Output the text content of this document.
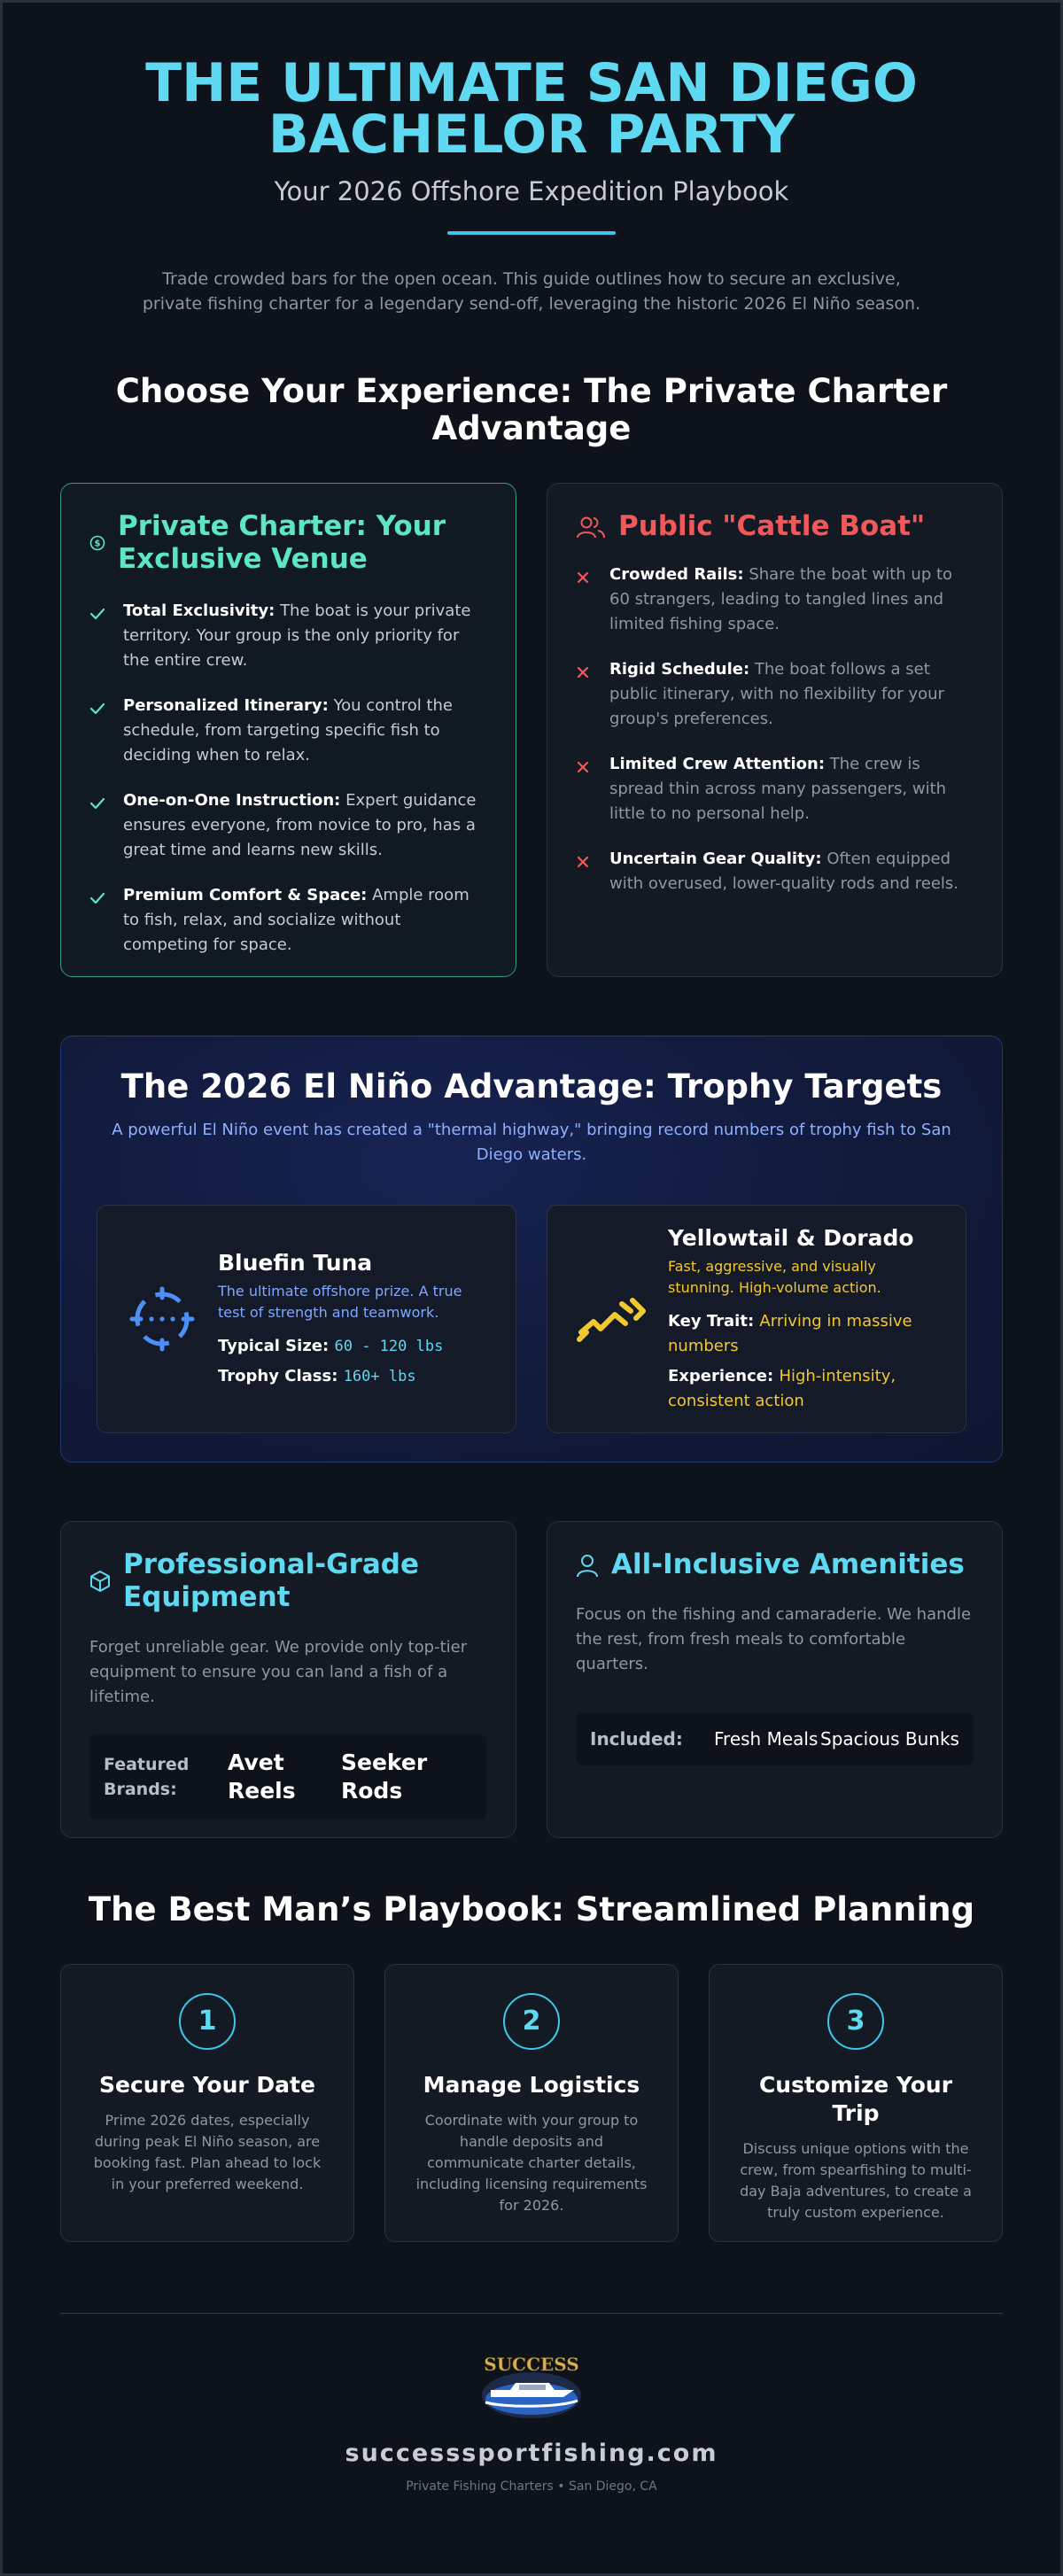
THE ULTIMATE SAN DIEGO
BACHELOR PARTY
Your 2026 Offshore Expedition Playbook

Trade crowded bars for the open ocean. This guide outlines how to secure an exclusive, private fishing charter for a legendary send-off, leveraging the historic 2026 El Niño season.

Choose Your Experience: The Private Charter Advantage
$
Private Charter: Your Exclusive Venue
Total Exclusivity: The boat is your private territory. Your group is the only priority for the entire crew.
Personalized Itinerary: You control the schedule, from targeting specific fish to deciding when to relax.
One-on-One Instruction: Expert guidance ensures everyone, from novice to pro, has a great time and learns new skills.
Premium Comfort & Space: Ample room to fish, relax, and socialize without competing for space.
Public "Cattle Boat"
Crowded Rails: Share the boat with up to 60 strangers, leading to tangled lines and limited fishing space.
Rigid Schedule: The boat follows a set public itinerary, with no flexibility for your group's preferences.
Limited Crew Attention: The crew is spread thin across many passengers, with little to no personal help.
Uncertain Gear Quality: Often equipped with overused, lower-quality rods and reels.
The 2026 El Niño Advantage: Trophy Targets

A powerful El Niño event has created a "thermal highway," bringing record numbers of trophy fish to San Diego waters.

Bluefin Tuna

The ultimate offshore prize. A true test of strength and teamwork.

Typical Size: 60 - 120 lbs
Trophy Class: 160+ lbs
Yellowtail & Dorado

Fast, aggressive, and visually stunning. High-volume action.

Key Trait: Arriving in massive numbers
Experience: High-intensity, consistent action
Professional-Grade Equipment

Forget unreliable gear. We provide only top-tier equipment to ensure you can land a fish of a lifetime.

Featured Brands:
Avet Reels
Seeker Rods
All-Inclusive Amenities

Focus on the fishing and camaraderie. We handle the rest, from fresh meals to comfortable quarters.

Included:	Fresh Meals Spacious Bunks
The Best Man’s Playbook: Streamlined Planning
1
Secure Your Date

Prime 2026 dates, especially during peak El Niño season, are booking fast. Plan ahead to lock in your preferred weekend.

2
Manage Logistics

Coordinate with your group to handle deposits and communicate charter details, including licensing requirements for 2026.

3
Customize Your Trip

Discuss unique options with the crew, from spearfishing to multi-day Baja adventures, to create a truly custom experience.

SUCCESS
successsportfishing.com
Private Fishing Charters • San Diego, CA
